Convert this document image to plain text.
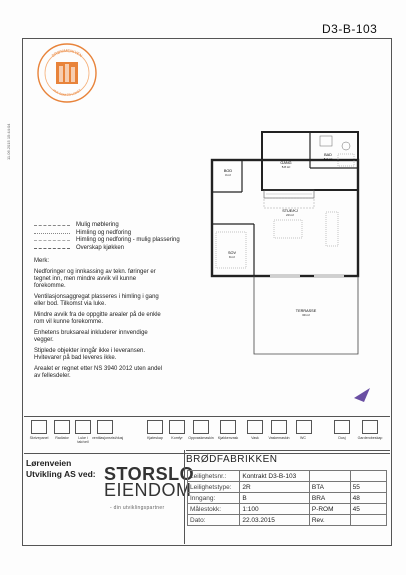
11.06.2015 15:44:04
D3-B-103
DRØMMENIVEN
HVA SOM ER LOVET
Mulig møblering
Himling og nedforing
Himling og nedforing - mulig plassering
Overskap kjøkken

Merk:

Nedforinger og innkassing av tekn. føringer er tegnet inn, men mindre avvik vil kunne forekomme.

Ventilasjonsaggregat plasseres i himling i gang eller bod. Tilkomst via luke.

Mindre avvik fra de oppgitte arealer på de enkle rom vil kunne forekomme.

Enhetens bruksareal inkluderer innvendige vegger.

Stiplede objekter inngår ikke i leveransen. Hvitevarer på bad leveres ikke.

Arealet er regnet etter NS 3940 2012 uten andel av fellesdeler.

BAD
5.2 m²
GANG
5.8 m²
BOD
3 m²
STUE/KJ
23 m²
SOV
9 m²
TERRASSE
30 m²
Skrivepanel	Radiator	Luke i tak/veil
ventilasjonsrist/dusj	Kjøleskap	Komfyr	Oppvaskmaskin	Kjøkkenvask	Vask	Vaskemaskin	WC	Dusj	Garderobeskap
Lørenveien
Utvikling AS ved: STORSLO
EIENDOM
- din utviklingspartner
BRØDFABRIKKEN
Leilighetsnr.:	Kontrakt D3-B-103		
Leilighetstype:	2R	BTA	55
Inngang:	B	BRA	48
Målestokk:	1:100	P-ROM	45
Dato:	22.03.2015	Rev.	
